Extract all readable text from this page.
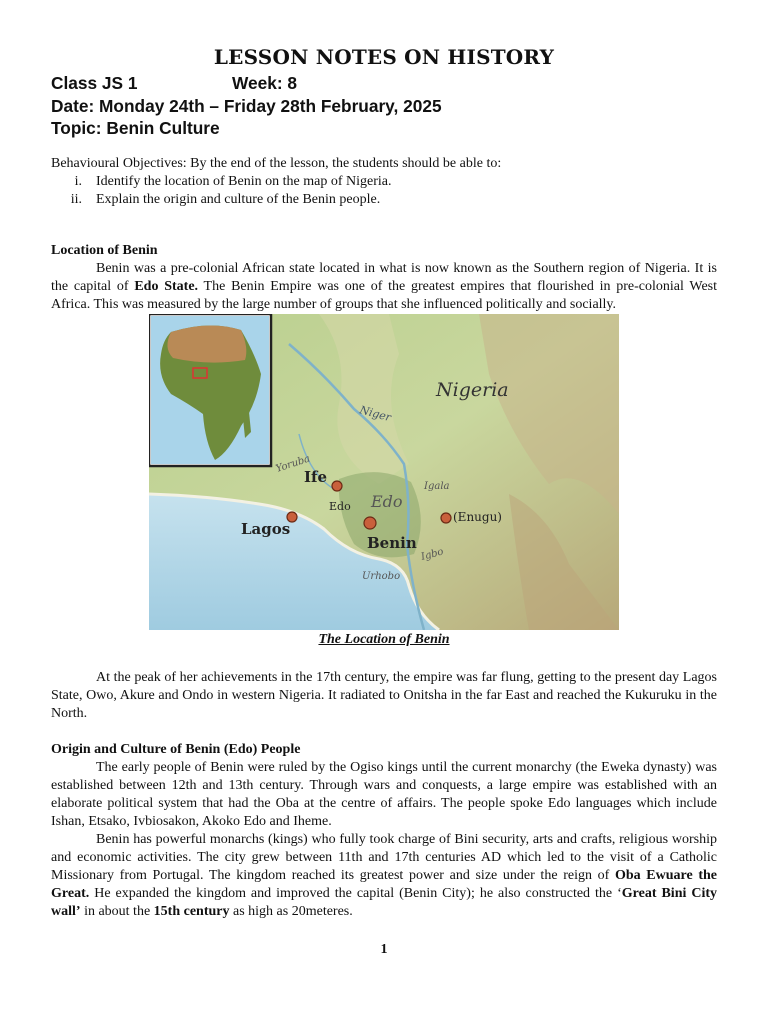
LESSON NOTES ON HISTORY
Class JS 1	Week: 8
Date: Monday 24th – Friday 28th February, 2025
Topic: Benin Culture

Behavioural Objectives: By the end of the lesson, the students should be able to:

i. Identify the location of Benin on the map of Nigeria.
ii. Explain the origin and culture of the Benin people.

Location of Benin

Benin was a pre-colonial African state located in what is now known as the Southern region of Nigeria. It is the capital of Edo State. The Benin Empire was one of the greatest empires that flourished in pre-colonial West Africa. This was measured by the large number of groups that she influenced politically and socially.

Nigeria
Niger
Yoruba
Ife
Edo Edo
Igala
(Enugu)
Lagos
Benin
Igbo
Urhobo

The Location of Benin

At the peak of her achievements in the 17th century, the empire was far flung, getting to the present day Lagos State, Owo, Akure and Ondo in western Nigeria. It radiated to Onitsha in the far East and reached the Kukuruku in the North.

Origin and Culture of Benin (Edo) People

The early people of Benin were ruled by the Ogiso kings until the current monarchy (the Eweka dynasty) was established between 12th and 13th century. Through wars and conquests, a large empire was established with an elaborate political system that had the Oba at the centre of affairs. The people spoke Edo languages which include Ishan, Etsako, Ivbiosakon, Akoko Edo and Iheme.

Benin has powerful monarchs (kings) who fully took charge of Bini security, arts and crafts, religious worship and economic activities. The city grew between 11th and 17th centuries AD which led to the visit of a Catholic Missionary from Portugal. The kingdom reached its greatest power and size under the reign of Oba Ewuare the Great. He expanded the kingdom and improved the capital (Benin City); he also constructed the ‘Great Bini City wall’ in about the 15th century as high as 20meteres.

1
